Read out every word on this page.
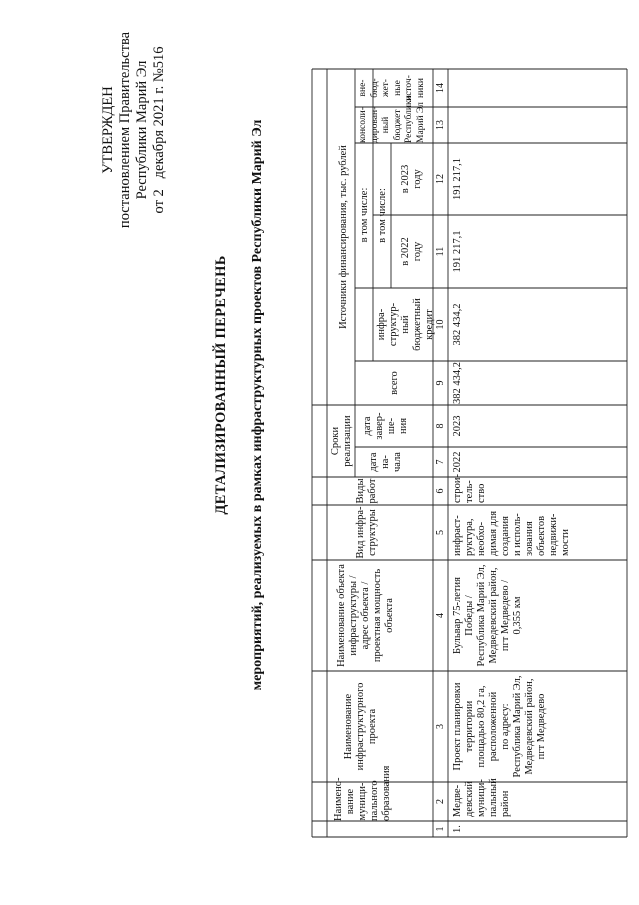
УТВЕРЖДЕН постановлением Правительства Республики Марий Эл от 2   декабря 2021 г. №516
ДЕТАЛИЗИРОВАННЫЙ ПЕРЕЧЕНЬ мероприятий, реализуемых в рамках инфраструктурных проектов Республики Марий Эл
Наимено- вание муници- пального образования
Наименование инфраструктурного проекта
Наименование объекта инфраструктуры / адрес объекта / проектная мощность объекта
Вид инфра- структуры
Виды работ
Сроки реализации дата на- чала
дата завер- ше- ния
Источники финансирования, тыс. рублей
всего
в том числе:
инфра- структур- ный бюджетный кредит
в том числе:
в 2022 году
в 2023 году
консоли- дирован- ный бюджет Республики Марий Эл
вне- бюд- жет- ные источ- ники
1
2
3
4
5
6
7
8
9
10
11
12
13
14
1.
Медве- девский муници- пальный район
Проект планировки территории площадью 80,2 га, расположенной по адресу: Республика Марий Эл, Медведевский район, пгт Медведево
Бульвар 75-летия Победы / Республика Марий Эл, Медведевский район, пгт Медведево / 0,355 км
инфраст- руктура, необхо- димая для создания и исполь- зования объектов недвижи- мости
строи- тель- ство
2022
2023
382 434,2
382 434,2
191 217,1
191 217,1
